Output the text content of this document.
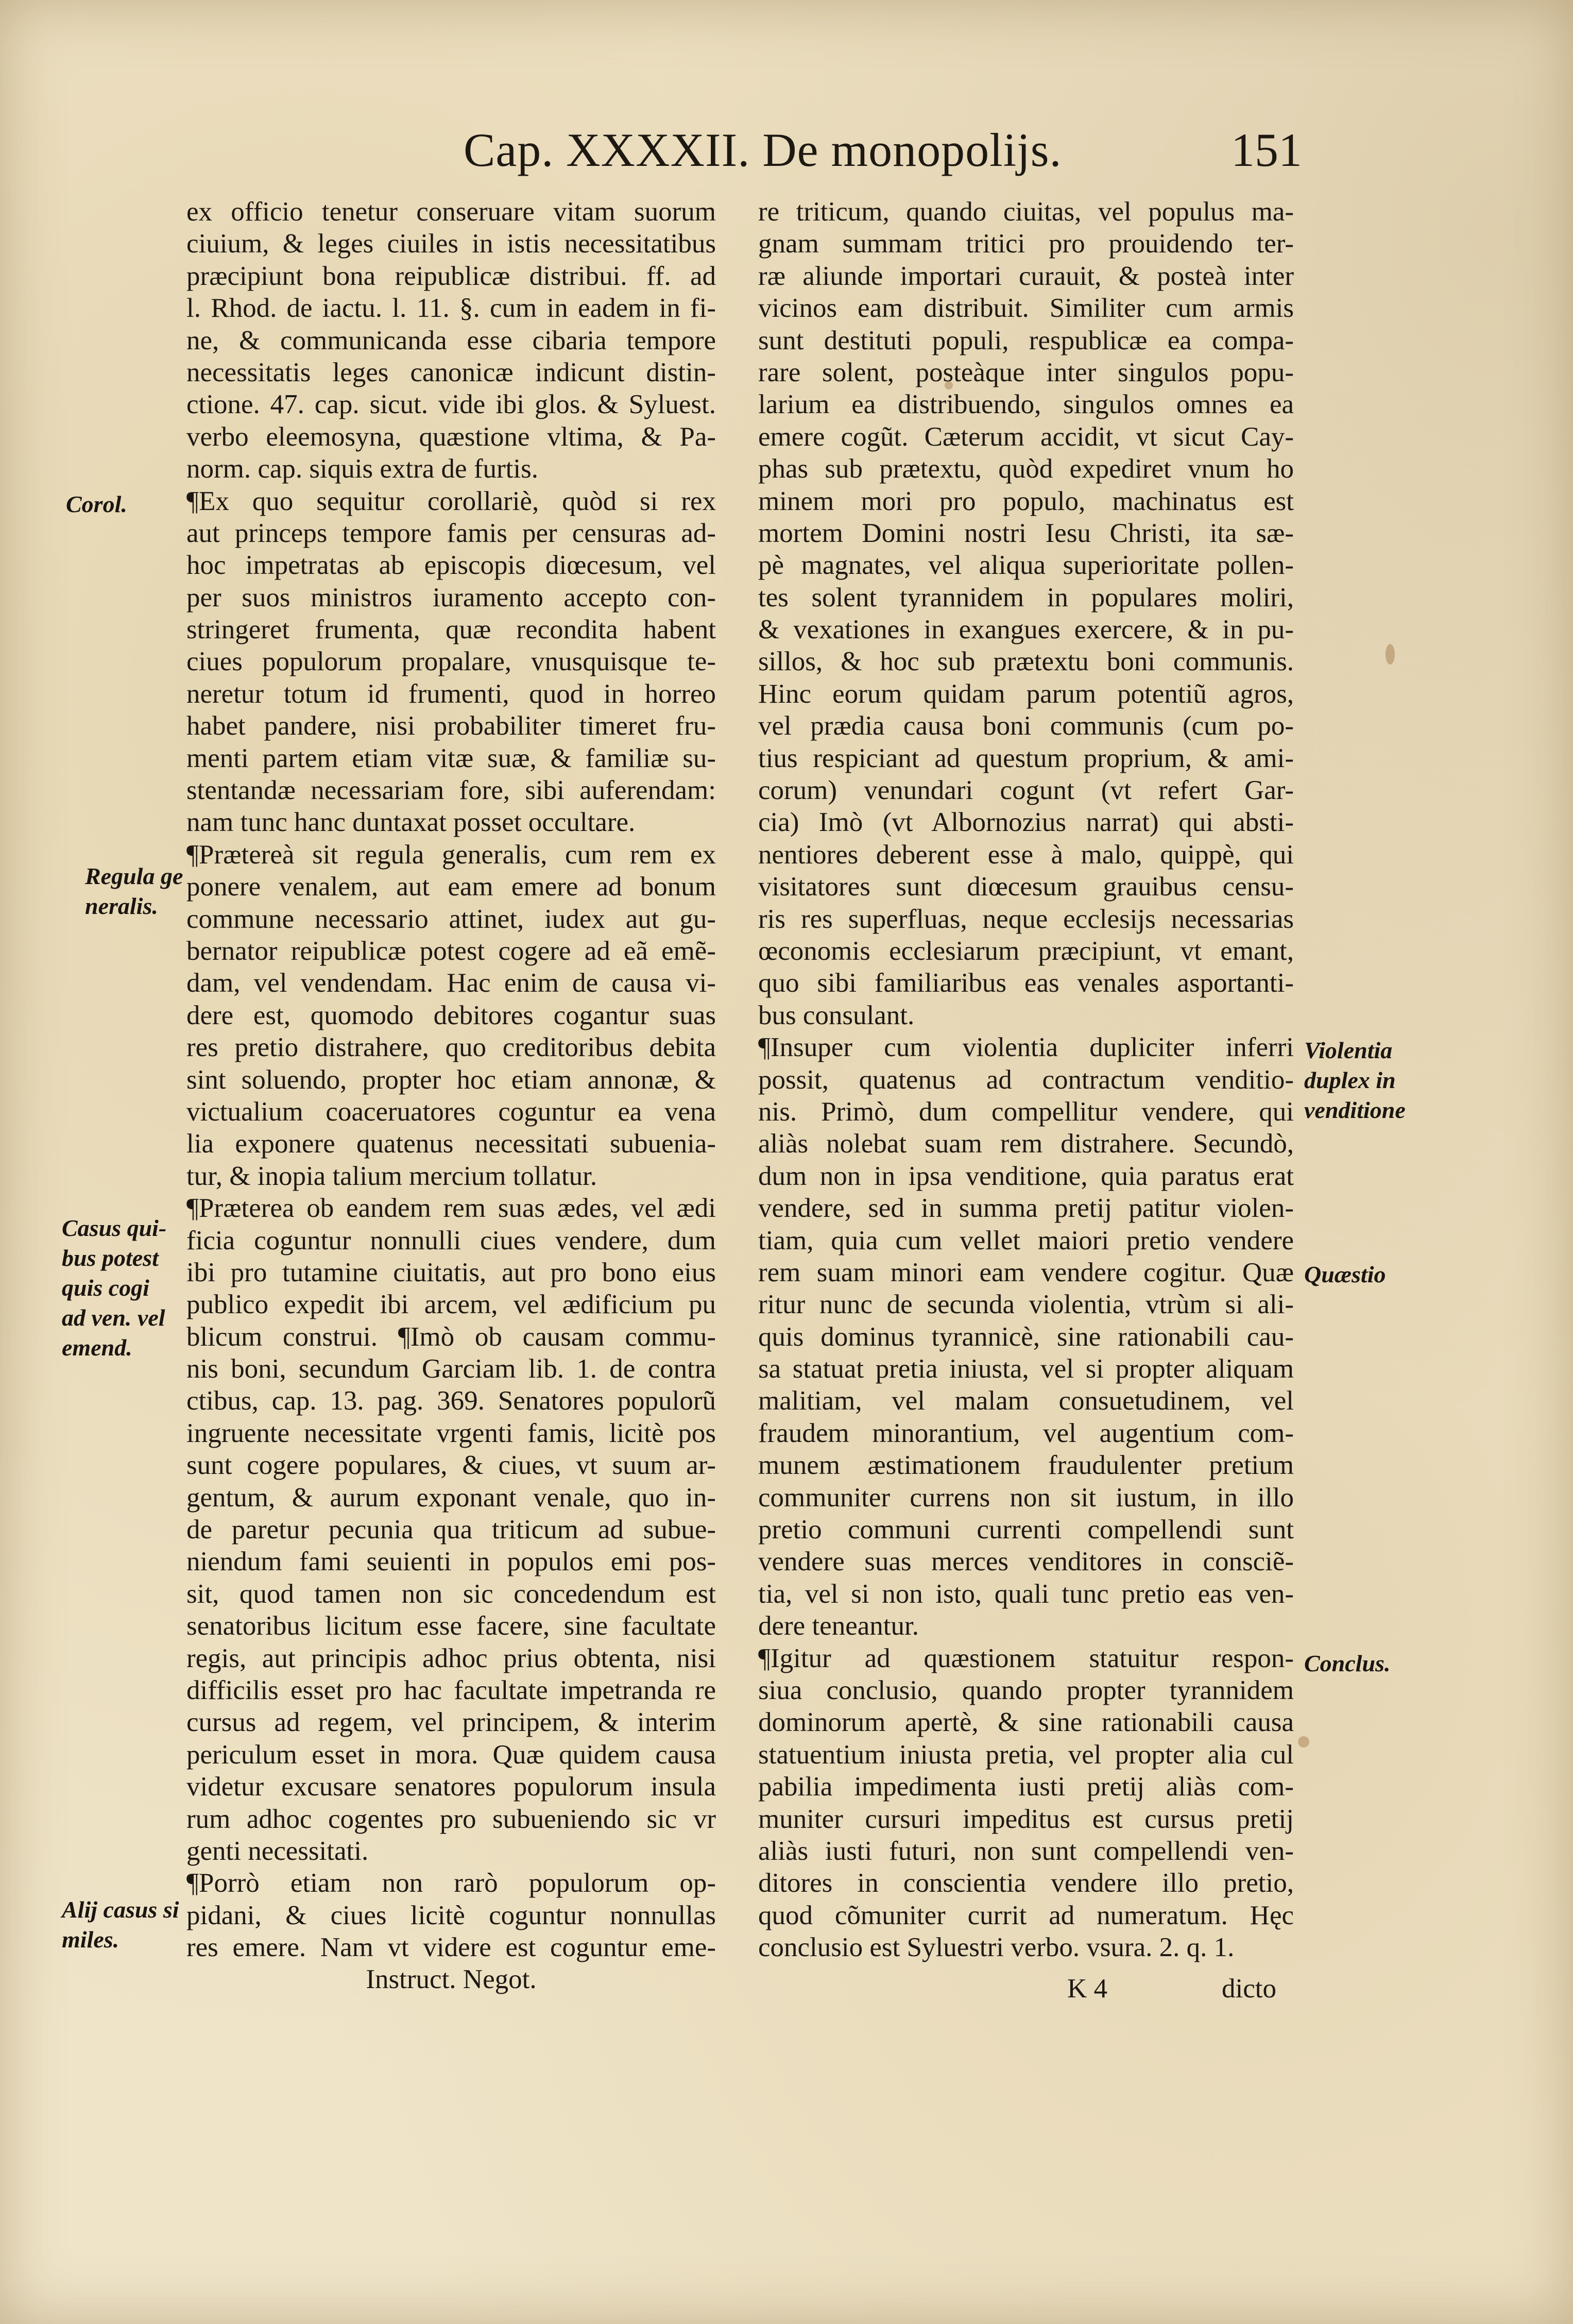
Cap. XXXXII. De monopolijs.	151
ex officio tenetur conseruare vitam suorum
ciuium, & leges ciuiles in istis necessitatibus
præcipiunt bona reipublicæ distribui. ff. ad
l. Rhod. de iactu. l. 11. §. cum in eadem in fi-
ne, & communicanda esse cibaria tempore
necessitatis leges canonicæ indicunt distin-
ctione. 47. cap. sicut. vide ibi glos. & Syluest.
verbo eleemosyna, quæstione vltima, & Pa-
norm. cap. siquis extra de furtis.
¶Ex quo sequitur corollariè, quòd si rex
aut princeps tempore famis per censuras ad-
hoc impetratas ab episcopis diœcesum, vel
per suos ministros iuramento accepto con-
stringeret frumenta, quæ recondita habent
ciues populorum propalare, vnusquisque te-
neretur totum id frumenti, quod in horreo
habet pandere, nisi probabiliter timeret fru-
menti partem etiam vitæ suæ, & familiæ su-
stentandæ necessariam fore, sibi auferendam:
nam tunc hanc duntaxat posset occultare.
¶Prætereà sit regula generalis, cum rem ex
ponere venalem, aut eam emere ad bonum
commune necessario attinet, iudex aut gu-
bernator reipublicæ potest cogere ad eã emẽ-
dam, vel vendendam. Hac enim de causa vi-
dere est, quomodo debitores cogantur suas
res pretio distrahere, quo creditoribus debita
sint soluendo, propter hoc etiam annonæ, &
victualium coaceruatores coguntur ea vena
lia exponere quatenus necessitati subuenia-
tur, & inopia talium mercium tollatur.
¶Præterea ob eandem rem suas ædes, vel ædi
ficia coguntur nonnulli ciues vendere, dum
ibi pro tutamine ciuitatis, aut pro bono eius
publico expedit ibi arcem, vel ædificium pu
blicum construi. ¶Imò ob causam commu-
nis boni, secundum Garciam lib. 1. de contra
ctibus, cap. 13. pag. 369. Senatores populorũ
ingruente necessitate vrgenti famis, licitè pos
sunt cogere populares, & ciues, vt suum ar-
gentum, & aurum exponant venale, quo in-
de paretur pecunia qua triticum ad subue-
niendum fami seuienti in populos emi pos-
sit, quod tamen non sic concedendum est
senatoribus licitum esse facere, sine facultate
regis, aut principis adhoc prius obtenta, nisi
difficilis esset pro hac facultate impetranda re
cursus ad regem, vel principem, & interim
periculum esset in mora. Quæ quidem causa
videtur excusare senatores populorum insula
rum adhoc cogentes pro subueniendo sic vr
genti necessitati.
¶Porrò etiam non rarò populorum op-
pidani, & ciues licitè coguntur nonnullas
res emere. Nam vt videre est coguntur eme-
Instruct. Negot.
re triticum, quando ciuitas, vel populus ma-
gnam summam tritici pro prouidendo ter-
ræ aliunde importari curauit, & posteà inter
vicinos eam distribuit. Similiter cum armis
sunt destituti populi, respublicæ ea compa-
rare solent, posteàque inter singulos popu-
larium ea distribuendo, singulos omnes ea
emere cogũt. Cæterum accidit, vt sicut Cay-
phas sub prætextu, quòd expediret vnum ho
minem mori pro populo, machinatus est
mortem Domini nostri Iesu Christi, ita sæ-
pè magnates, vel aliqua superioritate pollen-
tes solent tyrannidem in populares moliri,
& vexationes in exangues exercere, & in pu-
sillos, & hoc sub prætextu boni communis.
Hinc eorum quidam parum potentiũ agros,
vel prædia causa boni communis (cum po-
tius respiciant ad questum proprium, & ami-
corum) venundari cogunt (vt refert Gar-
cia) Imò (vt Albornozius narrat) qui absti-
nentiores deberent esse à malo, quippè, qui
visitatores sunt diœcesum grauibus censu-
ris res superfluas, neque ecclesijs necessarias
œconomis ecclesiarum præcipiunt, vt emant,
quo sibi familiaribus eas venales asportanti-
bus consulant.
¶Insuper cum violentia dupliciter inferri
possit, quatenus ad contractum venditio-
nis. Primò, dum compellitur vendere, qui
aliàs nolebat suam rem distrahere. Secundò,
dum non in ipsa venditione, quia paratus erat
vendere, sed in summa pretij patitur violen-
tiam, quia cum vellet maiori pretio vendere
rem suam minori eam vendere cogitur. Quæ
ritur nunc de secunda violentia, vtrùm si ali-
quis dominus tyrannicè, sine rationabili cau-
sa statuat pretia iniusta, vel si propter aliquam
malitiam, vel malam consuetudinem, vel
fraudem minorantium, vel augentium com-
munem æstimationem fraudulenter pretium
communiter currens non sit iustum, in illo
pretio communi currenti compellendi sunt
vendere suas merces venditores in consciẽ-
tia, vel si non isto, quali tunc pretio eas ven-
dere teneantur.
¶Igitur ad quæstionem statuitur respon-
siua conclusio, quando propter tyrannidem
dominorum apertè, & sine rationabili causa
statuentium iniusta pretia, vel propter alia cul
pabilia impedimenta iusti pretij aliàs com-
muniter cursuri impeditus est cursus pretij
aliàs iusti futuri, non sunt compellendi ven-
ditores in conscientia vendere illo pretio,
quod cõmuniter currit ad numeratum. Hęc
conclusio est Syluestri verbo. vsura. 2. q. 1.
K 4	dicto
Corol.
Regula ge
neralis.
Casus qui-
bus potest
quis cogi
ad ven. vel
emend.
Alij casus si
miles.
Violentia
duplex in
venditione
Quæstio
Conclus.
